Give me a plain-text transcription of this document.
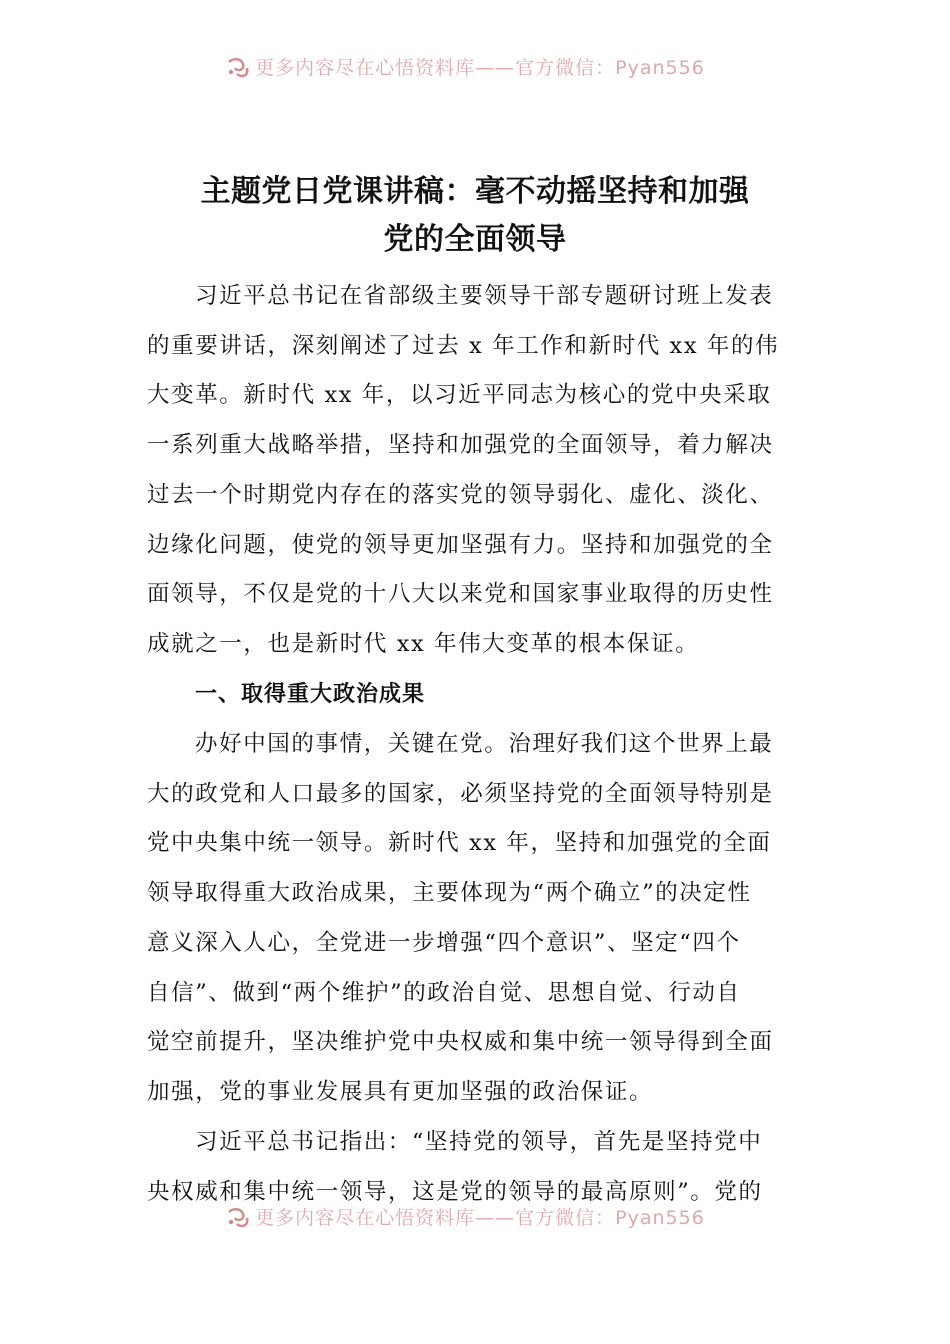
更多内容尽在心悟资料库——官方微信：Pyan556
主题党日党课讲稿：毫不动摇坚持和加强
党的全面领导

习近平总书记在省部级主要领导干部专题研讨班上发表
的重要讲话，深刻阐述了过去 x 年工作和新时代 xx 年的伟
大变革。新时代 xx 年，以习近平同志为核心的党中央采取
一系列重大战略举措，坚持和加强党的全面领导，着力解决
过去一个时期党内存在的落实党的领导弱化、虚化、淡化、
边缘化问题，使党的领导更加坚强有力。坚持和加强党的全
面领导，不仅是党的十八大以来党和国家事业取得的历史性
成就之一，也是新时代 xx 年伟大变革的根本保证。

一、取得重大政治成果

办好中国的事情，关键在党。治理好我们这个世界上最
大的政党和人口最多的国家，必须坚持党的全面领导特别是
党中央集中统一领导。新时代 xx 年，坚持和加强党的全面
领导取得重大政治成果，主要体现为“两个确立”的决定性
意义深入人心，全党进一步增强“四个意识”、坚定“四个
自信”、做到“两个维护”的政治自觉、思想自觉、行动自
觉空前提升，坚决维护党中央权威和集中统一领导得到全面
加强，党的事业发展具有更加坚强的政治保证。

习近平总书记指出：“坚持党的领导，首先是坚持党中
央权威和集中统一领导，这是党的领导的最高原则”。党的

更多内容尽在心悟资料库——官方微信：Pyan556
